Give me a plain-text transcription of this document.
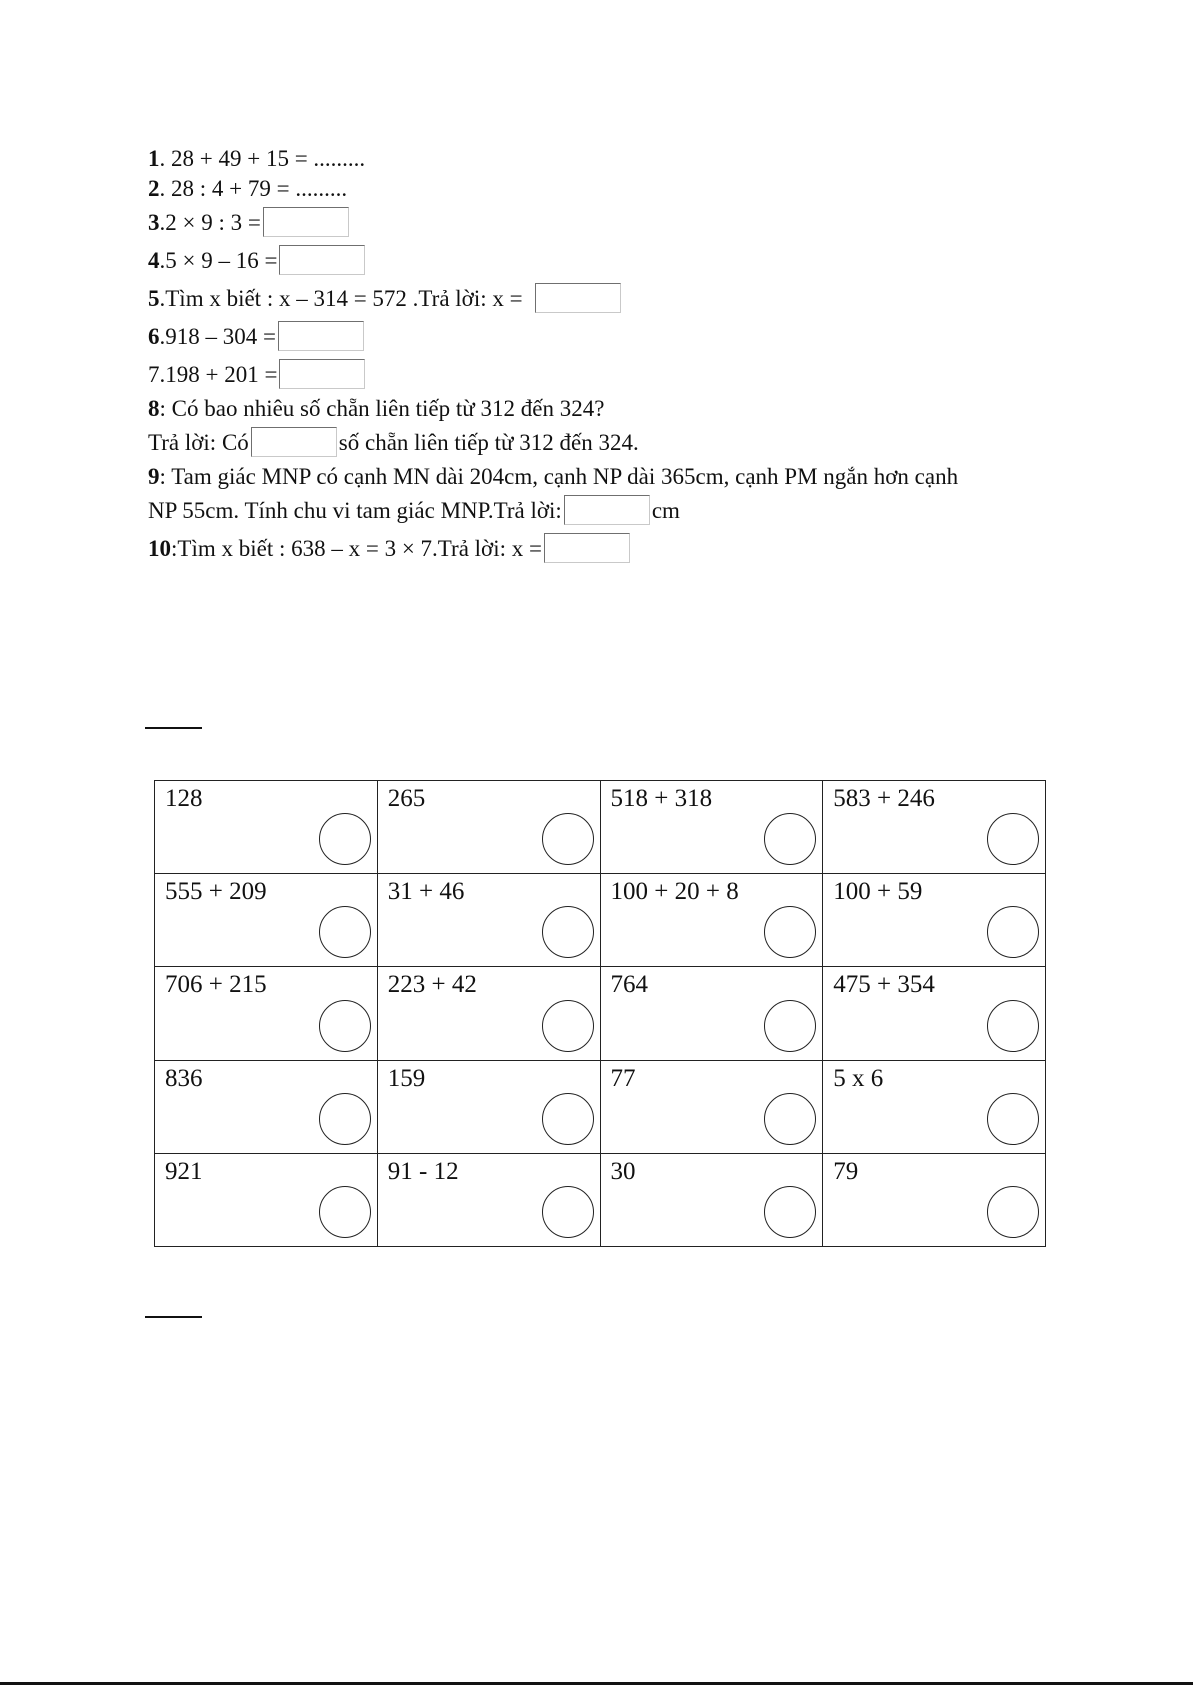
1 . 28 + 49 + 15 = .........
2 . 28 : 4 + 79 = .........
3 .2 × 9 : 3 =
4 .5 × 9 – 16 =
5 .Tìm x biết : x – 314 = 572 .Trả lời: x =
6 .918 – 304 =
7.198 + 201 =
8 : Có bao nhiêu số chẵn liên tiếp từ 312 đến 324?
Trả lời: Có	số chẵn liên tiếp từ 312 đến 324.
9 : Tam giác MNP có cạnh MN dài 204cm, cạnh NP dài 365cm, cạnh PM ngắn hơn cạnh
NP 55cm. Tính chu vi tam giác MNP.Trả lời:	cm
10 :Tìm x biết : 638 – x = 3 × 7.Trả lời: x =
128	265	518 + 318	583 + 246

555 + 209	31 + 46	100 + 20 + 8	100 + 59

706 + 215	223 + 42	764	475 + 354

836	159	77	5 x 6

921	91 - 12	30	79
